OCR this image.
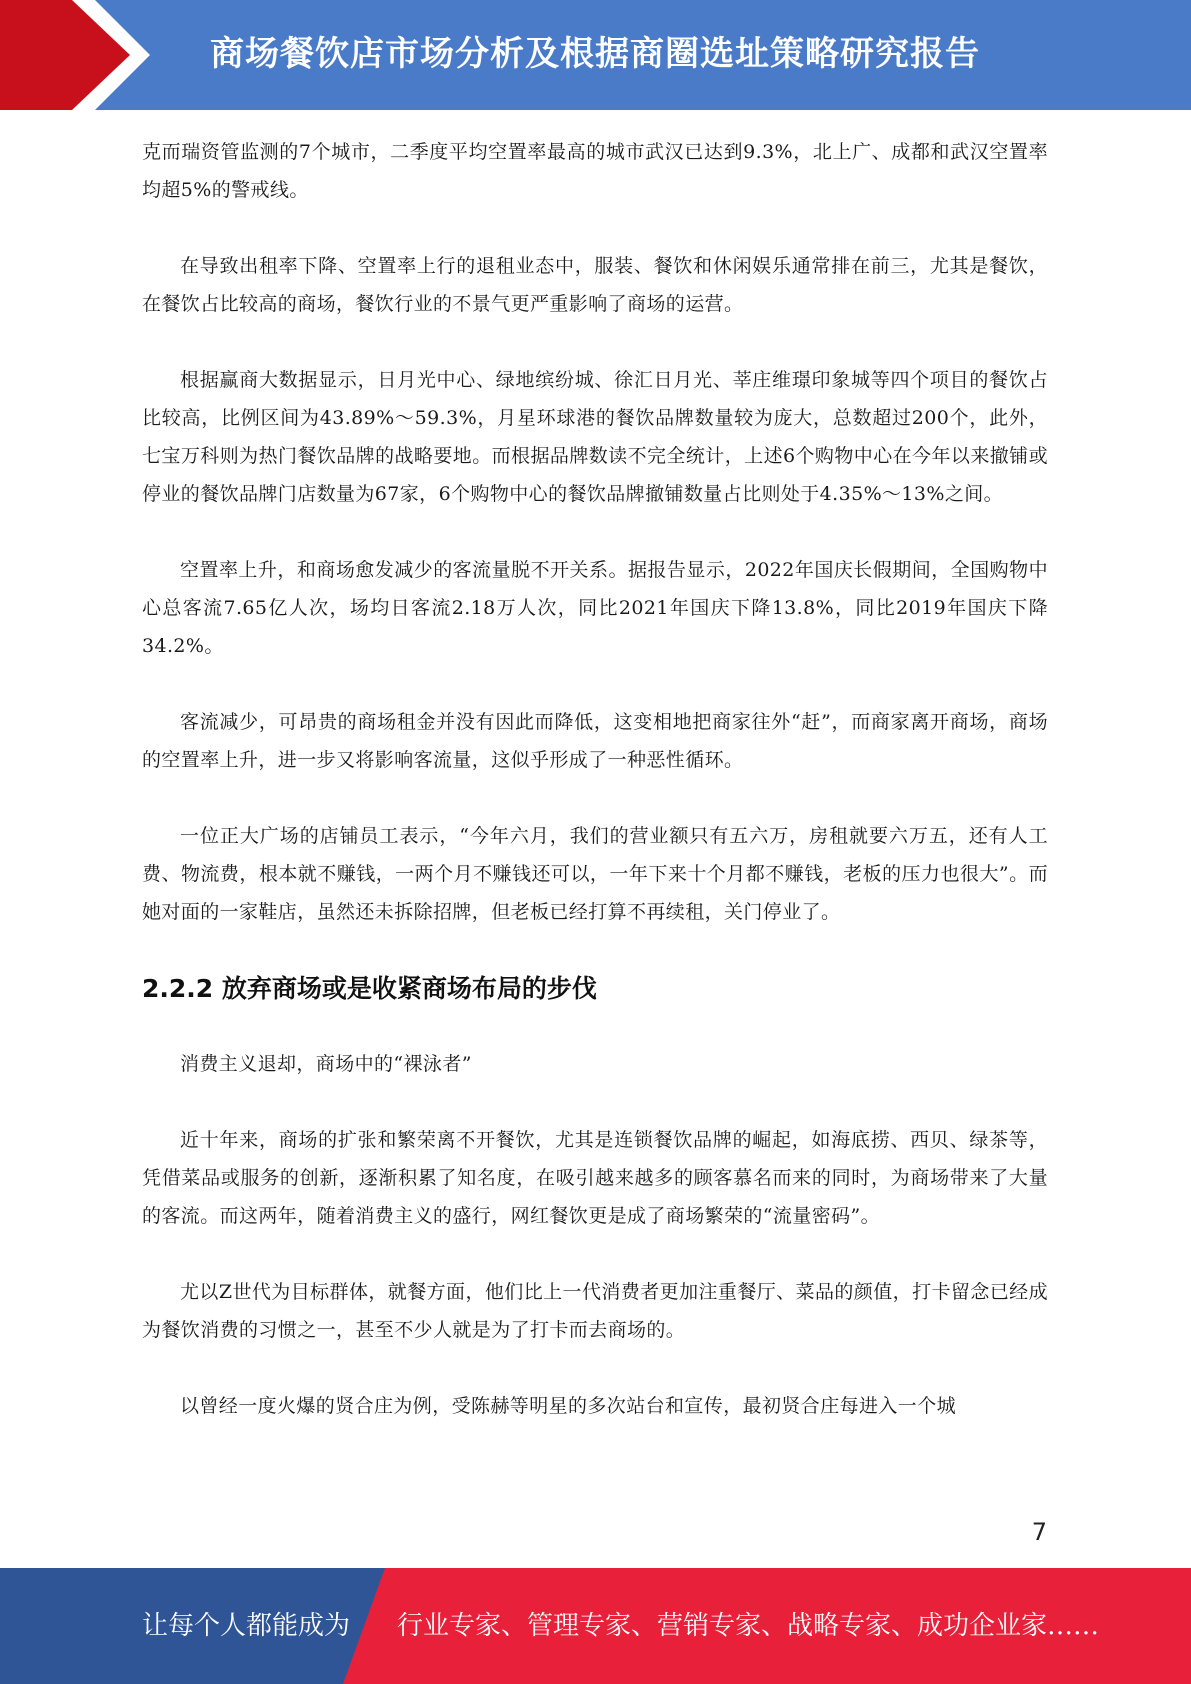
商场餐饮店市场分析及根据商圈选址策略研究报告

克而瑞资管监测的7个城市，二季度平均空置率最高的城市武汉已达到9.3%，北上广、成都和武汉空置率均超5%的警戒线。

在导致出租率下降、空置率上行的退租业态中，服装、餐饮和休闲娱乐通常排在前三，尤其是餐饮，在餐饮占比较高的商场，餐饮行业的不景气更严重影响了商场的运营。

根据赢商大数据显示，日月光中心、绿地缤纷城、徐汇日月光、莘庄维璟印象城等四个项目的餐饮占比较高，比例区间为43.89%～59.3%，月星环球港的餐饮品牌数量较为庞大，总数超过200个，此外，七宝万科则为热门餐饮品牌的战略要地。而根据品牌数读不完全统计，上述6个购物中心在今年以来撤铺或停业的餐饮品牌门店数量为67家，6个购物中心的餐饮品牌撤铺数量占比则处于4.35%～13%之间。

空置率上升，和商场愈发减少的客流量脱不开关系。据报告显示，2022年国庆长假期间，全国购物中心总客流7.65亿人次，场均日客流2.18万人次，同比2021年国庆下降13.8%，同比2019年国庆下降34.2%。

客流减少，可昂贵的商场租金并没有因此而降低，这变相地把商家往外“赶”，而商家离开商场，商场的空置率上升，进一步又将影响客流量，这似乎形成了一种恶性循环。

一位正大广场的店铺员工表示，“今年六月，我们的营业额只有五六万，房租就要六万五，还有人工费、物流费，根本就不赚钱，一两个月不赚钱还可以，一年下来十个月都不赚钱，老板的压力也很大”。而她对面的一家鞋店，虽然还未拆除招牌，但老板已经打算不再续租，关门停业了。

2.2.2 放弃商场或是收紧商场布局的步伐

消费主义退却，商场中的“裸泳者”

近十年来，商场的扩张和繁荣离不开餐饮，尤其是连锁餐饮品牌的崛起，如海底捞、西贝、绿茶等，凭借菜品或服务的创新，逐渐积累了知名度，在吸引越来越多的顾客慕名而来的同时，为商场带来了大量的客流。而这两年，随着消费主义的盛行，网红餐饮更是成了商场繁荣的“流量密码”。

尤以Z世代为目标群体，就餐方面，他们比上一代消费者更加注重餐厅、菜品的颜值，打卡留念已经成为餐饮消费的习惯之一，甚至不少人就是为了打卡而去商场的。

以曾经一度火爆的贤合庄为例，受陈赫等明星的多次站台和宣传，最初贤合庄每进入一个城

7
让每个人都能成为 行业专家、管理专家、营销专家、战略专家、成功企业家……
